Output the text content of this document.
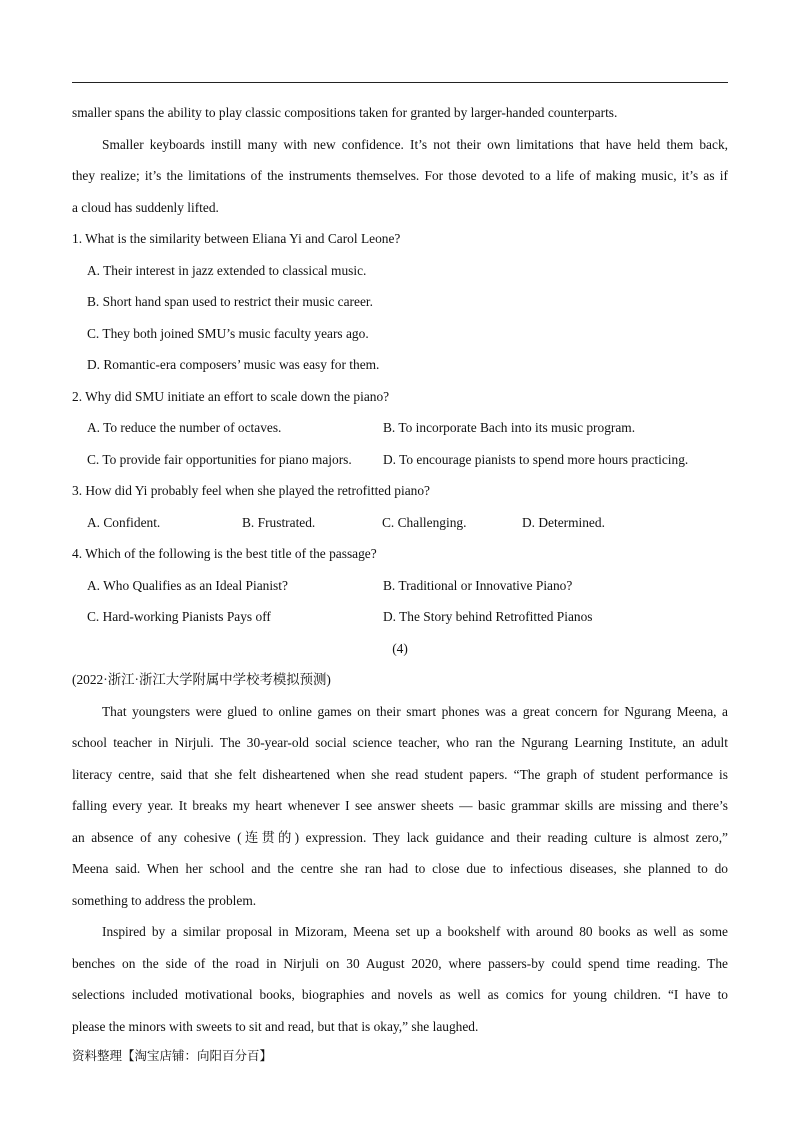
smaller spans the ability to play classic compositions taken for granted by larger-handed counterparts.
Smaller keyboards instill many with new confidence. It’s not their own limitations that have held them back,
they realize; it’s the limitations of the instruments themselves. For those devoted to a life of making music, it’s as if
a cloud has suddenly lifted.
1. What is the similarity between Eliana Yi and Carol Leone?
A. Their interest in jazz extended to classical music.
B. Short hand span used to restrict their music career.
C. They both joined SMU’s music faculty years ago.
D. Romantic-era composers’ music was easy for them.
2. Why did SMU initiate an effort to scale down the piano?
A. To reduce the number of octaves.	B. To incorporate Bach into its music program.
C. To provide fair opportunities for piano majors.	D. To encourage pianists to spend more hours practicing.
3. How did Yi probably feel when she played the retrofitted piano?
A. Confident.	B. Frustrated.	C. Challenging.	D. Determined.
4. Which of the following is the best title of the passage?
A. Who Qualifies as an Ideal Pianist?	B. Traditional or Innovative Piano?
C. Hard-working Pianists Pays off	D. The Story behind Retrofitted Pianos
(4)
(2022·浙江·浙江大学附属中学校考模拟预测)
That youngsters were glued to online games on their smart phones was a great concern for Ngurang Meena, a
school teacher in Nirjuli. The 30-year-old social science teacher, who ran the Ngurang Learning Institute, an adult
literacy centre, said that she felt disheartened when she read student papers. “The graph of student performance is
falling every year. It breaks my heart whenever I see answer sheets — basic grammar skills are missing and there’s
an absence of any cohesive (连贯的) expression. They lack guidance and their reading culture is almost zero,”
Meena said. When her school and the centre she ran had to close due to infectious diseases, she planned to do
something to address the problem.
Inspired by a similar proposal in Mizoram, Meena set up a bookshelf with around 80 books as well as some
benches on the side of the road in Nirjuli on 30 August 2020, where passers-by could spend time reading. The
selections included motivational books, biographies and novels as well as comics for young children. “I have to
please the minors with sweets to sit and read, but that is okay,” she laughed.
资料整理【淘宝店铺：向阳百分百】
